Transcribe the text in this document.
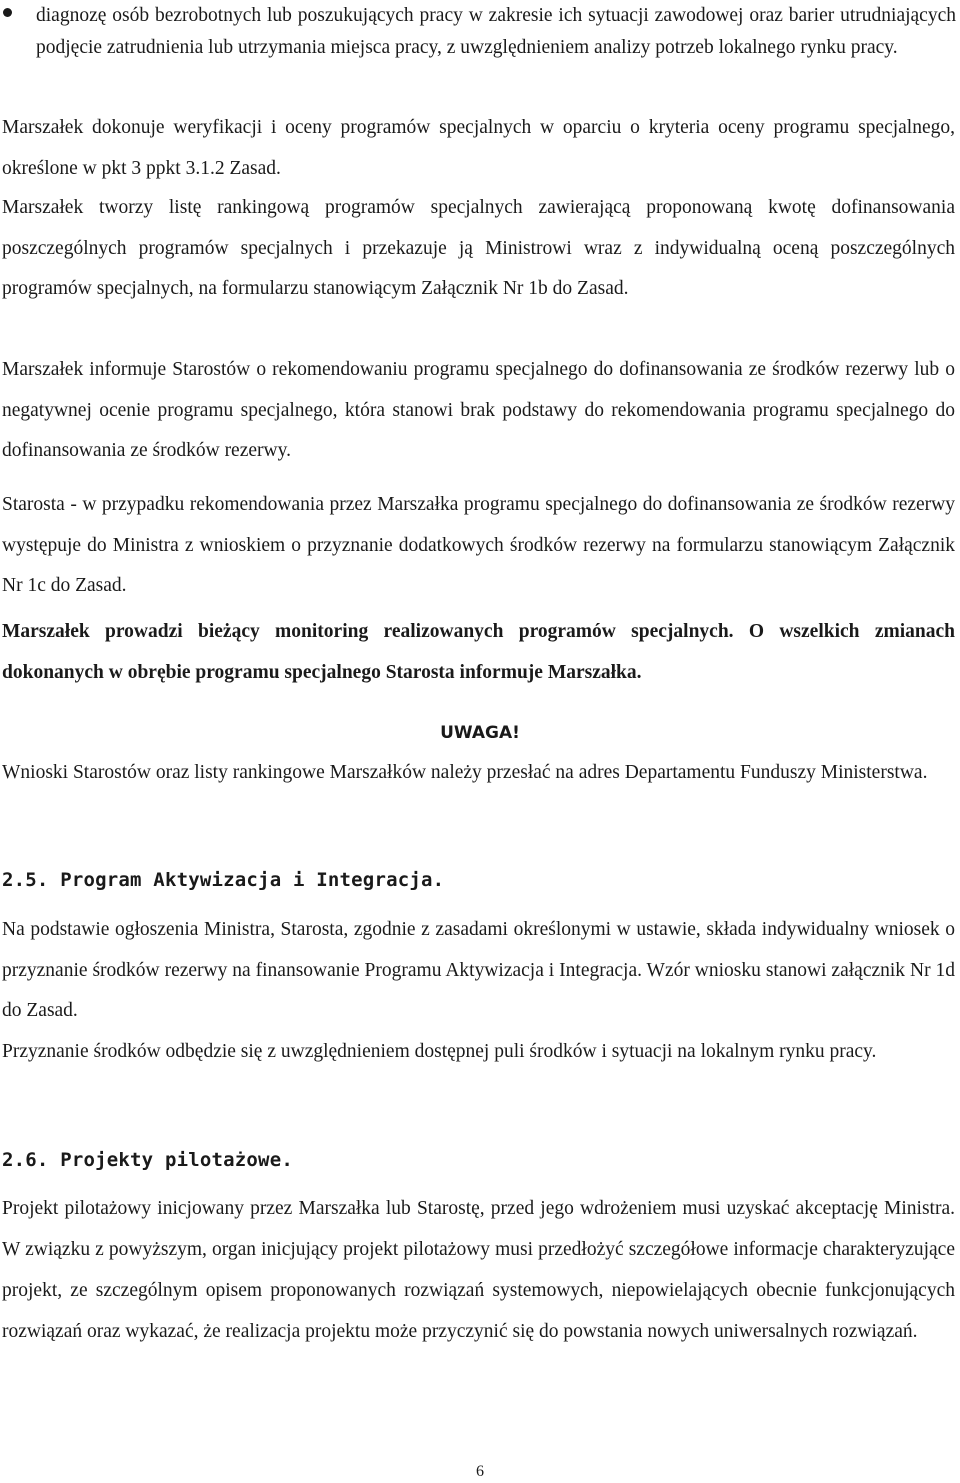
diagnozę osób bezrobotnych lub poszukujących pracy w zakresie ich sytuacji zawodowej oraz barier utrudniających podjęcie zatrudnienia lub utrzymania miejsca pracy, z uwzględnieniem analizy potrzeb lokalnego rynku pracy.

Marszałek dokonuje weryfikacji i oceny programów specjalnych w oparciu o kryteria oceny programu specjalnego, określone w pkt 3 ppkt 3.1.2 Zasad.

Marszałek tworzy listę rankingową programów specjalnych zawierającą proponowaną kwotę dofinansowania poszczególnych programów specjalnych i przekazuje ją Ministrowi wraz z indywidualną oceną poszczególnych programów specjalnych, na formularzu stanowiącym Załącznik Nr 1b do Zasad.

Marszałek informuje Starostów o rekomendowaniu programu specjalnego do dofinansowania ze środków rezerwy lub o negatywnej ocenie programu specjalnego, która stanowi brak podstawy do rekomendowania programu specjalnego do dofinansowania ze środków rezerwy.

Starosta - w przypadku rekomendowania przez Marszałka programu specjalnego do dofinansowania ze środków rezerwy występuje do Ministra z wnioskiem o przyznanie dodatkowych środków rezerwy na formularzu stanowiącym Załącznik Nr 1c do Zasad.

Marszałek prowadzi bieżący monitoring realizowanych programów specjalnych. O wszelkich zmianach dokonanych w obrębie programu specjalnego Starosta informuje Marszałka.

UWAGA!

Wnioski Starostów oraz listy rankingowe Marszałków należy przesłać na adres Departamentu Funduszy Ministerstwa.

2.5. Program Aktywizacja i Integracja.

Na podstawie ogłoszenia Ministra, Starosta, zgodnie z zasadami określonymi w ustawie, składa indywidualny wniosek o przyznanie środków rezerwy na finansowanie Programu Aktywizacja i Integracja. Wzór wniosku stanowi załącznik Nr 1d do Zasad.

Przyznanie środków odbędzie się z uwzględnieniem dostępnej puli środków i sytuacji na lokalnym rynku pracy.

2.6. Projekty pilotażowe.

Projekt pilotażowy inicjowany przez Marszałka lub Starostę, przed jego wdrożeniem musi uzyskać akceptację Ministra. W związku z powyższym, organ inicjujący projekt pilotażowy musi przedłożyć szczegółowe informacje charakteryzujące projekt, ze szczególnym opisem proponowanych rozwiązań systemowych, niepowielających obecnie funkcjonujących rozwiązań oraz wykazać, że realizacja projektu może przyczynić się do powstania nowych uniwersalnych rozwiązań.

6
